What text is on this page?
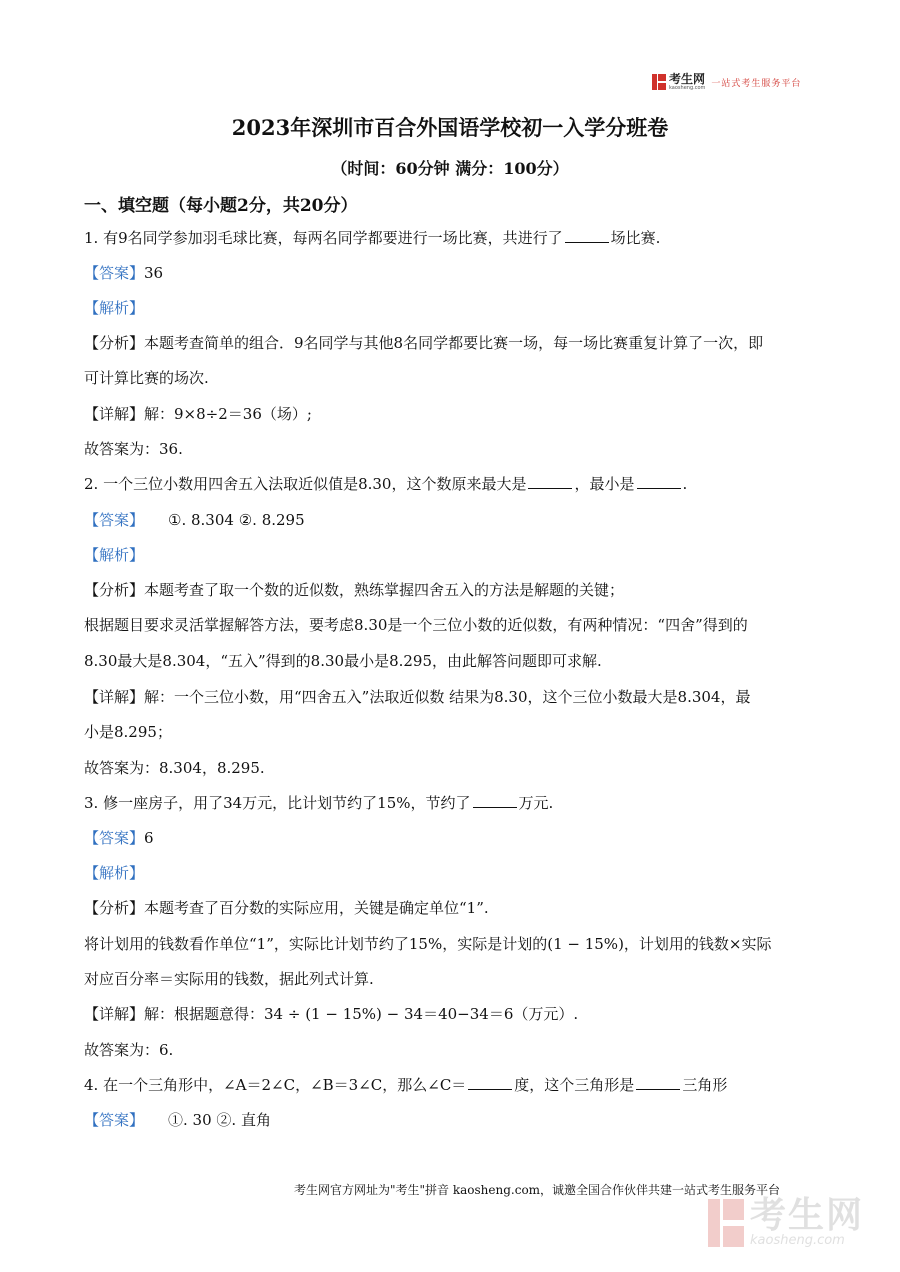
考生网
kaosheng.com 一站式考生服务平台
2023年深圳市百合外国语学校初一入学分班卷
（时间：60分钟 满分：100分）
一、填空题（每小题2分，共20分）
1. 有9名同学参加羽毛球比赛，每两名同学都要进行一场比赛，共进行了	场比赛.
【答案】36
【解析】
【分析】本题考查简单的组合．9名同学与其他8名同学都要比赛一场，每一场比赛重复计算了一次，即
可计算比赛的场次.
【详解】解：9×8÷2＝36（场）;
故答案为：36.
2. 一个三位小数用四舍五入法取近似值是8.30，这个数原来最大是	，最小是	.
【答案】 ①. 8.304 ②. 8.295
【解析】
【分析】本题考查了取一个数的近似数，熟练掌握四舍五入的方法是解题的关键；
根据题目要求灵活掌握解答方法，要考虑8.30是一个三位小数的近似数，有两种情况：“四舍”得到的
8.30最大是8.304，“五入”得到的8.30最小是8.295，由此解答问题即可求解.
【详解】解：一个三位小数，用“四舍五入”法取近似数 结果为8.30，这个三位小数最大是8.304，最
小是8.295；
故答案为：8.304，8.295.
3. 修一座房子，用了34万元，比计划节约了15%，节约了	万元.
【答案】6
【解析】
【分析】本题考查了百分数的实际应用，关键是确定单位“1”.
将计划用的钱数看作单位“1”，实际比计划节约了15%，实际是计划的(1 − 15%)，计划用的钱数×实际
对应百分率＝实际用的钱数，据此列式计算.
【详解】解：根据题意得：34 ÷ (1 − 15%) − 34＝40−34＝6（万元）.
故答案为：6.
4. 在一个三角形中，∠A＝2∠C，∠B＝3∠C，那么∠C＝	度，这个三角形是	三角形
【答案】 ①. 30 ②. 直角
考生网官方网址为"考生"拼音 kaosheng.com，诚邀全国合作伙伴共建一站式考生服务平台
考生网
kaosheng.com
